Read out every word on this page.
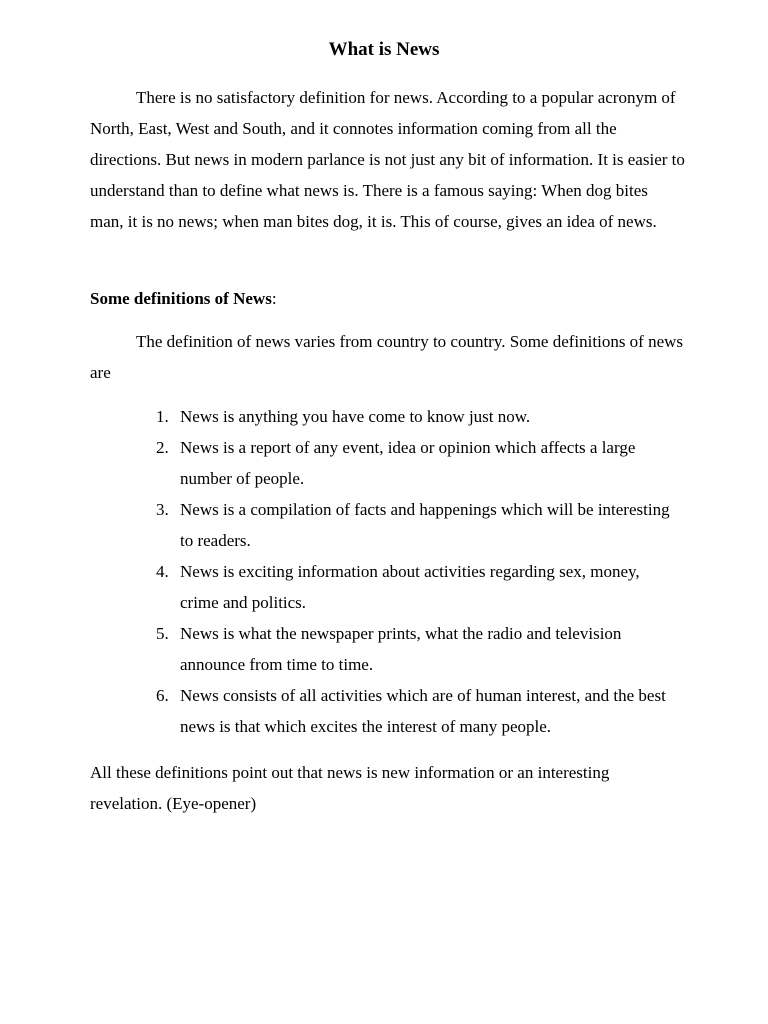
What is News

There is no satisfactory definition for news. According to a popular acronym of North, East, West and South, and it connotes information coming from all the directions. But news in modern parlance is not just any bit of information. It is easier to understand than to define what news is. There is a famous saying: When dog bites man, it is no news; when man bites dog, it is. This of course, gives an idea of news.

Some definitions of News:

The definition of news varies from country to country. Some definitions of news are

1. News is anything you have come to know just now.
2. News is a report of any event, idea or opinion which affects a large number of people.
3. News is a compilation of facts and happenings which will be interesting to readers.
4. News is exciting information about activities regarding sex, money, crime and politics.
5. News is what the newspaper prints, what the radio and television announce from time to time.
6. News consists of all activities which are of human interest, and the best news is that which excites the interest of many people.

All these definitions point out that news is new information or an interesting revelation. (Eye-opener)
